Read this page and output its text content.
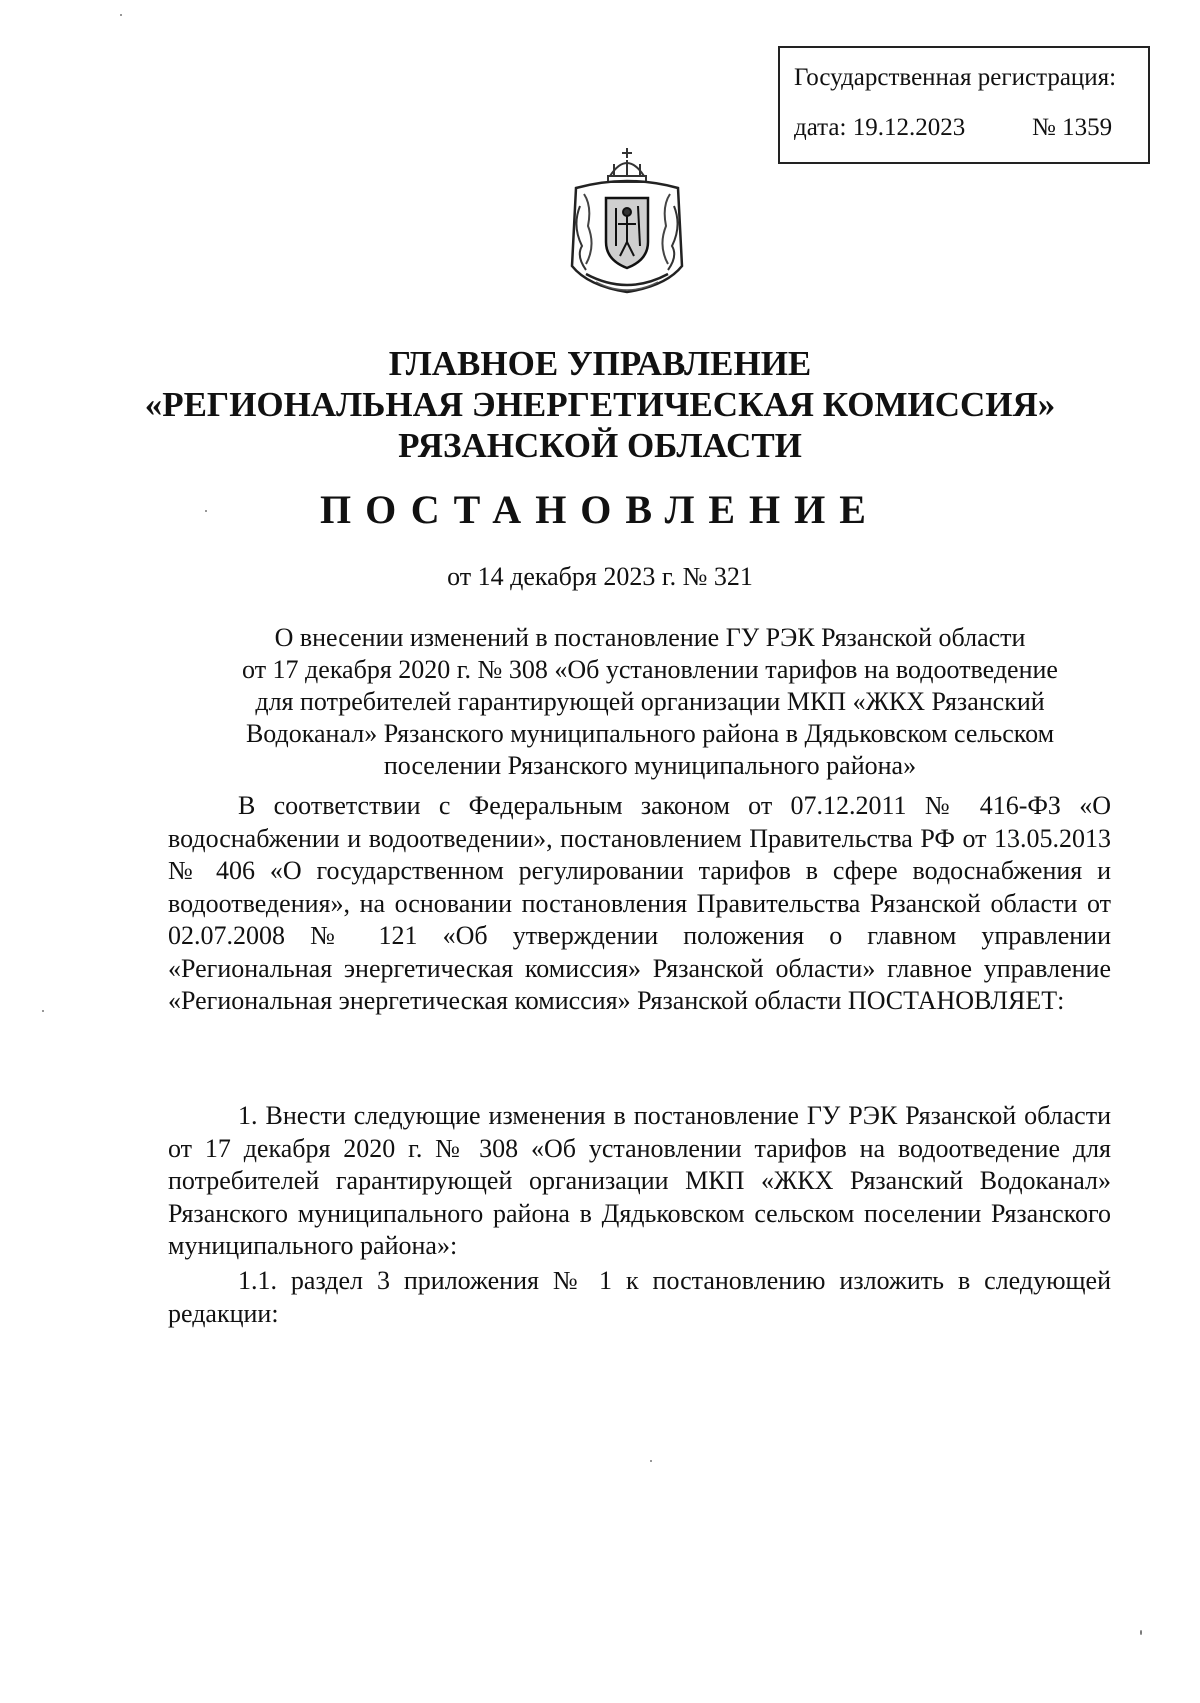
Государственная регистрация:
дата: 19.12.2023	№ 1359
ГЛАВНОЕ УПРАВЛЕНИЕ
«РЕГИОНАЛЬНАЯ ЭНЕРГЕТИЧЕСКАЯ КОМИССИЯ»
РЯЗАНСКОЙ ОБЛАСТИ
ПОСТАНОВЛЕНИЕ
от 14 декабря 2023 г. № 321
О внесении изменений в постановление ГУ РЭК Рязанской области
от 17 декабря 2020 г. № 308 «Об установлении тарифов на водоотведение
для потребителей гарантирующей организации МКП «ЖКХ Рязанский
Водоканал» Рязанского муниципального района в Дядьковском сельском
поселении Рязанского муниципального района»

В соответствии с Федеральным законом от 07.12.2011 № 416-ФЗ «О водоснабжении и водоотведении», постановлением Правительства РФ от 13.05.2013 № 406 «О государственном регулировании тарифов в сфере водоснабжения и водоотведения», на основании постановления Правительства Рязанской области от 02.07.2008 № 121 «Об утверждении положения о главном управлении «Региональная энергетическая комиссия» Рязанской области» главное управление «Региональная энергетическая комиссия» Рязанской области ПОСТАНОВЛЯЕТ:

1. Внести следующие изменения в постановление ГУ РЭК Рязанской области от 17 декабря 2020 г. № 308 «Об установлении тарифов на водоотведение для потребителей гарантирующей организации МКП «ЖКХ Рязанский Водоканал» Рязанского муниципального района в Дядьковском сельском поселении Рязанского муниципального района»:

1.1. раздел 3 приложения № 1 к постановлению изложить в следующей редакции:
